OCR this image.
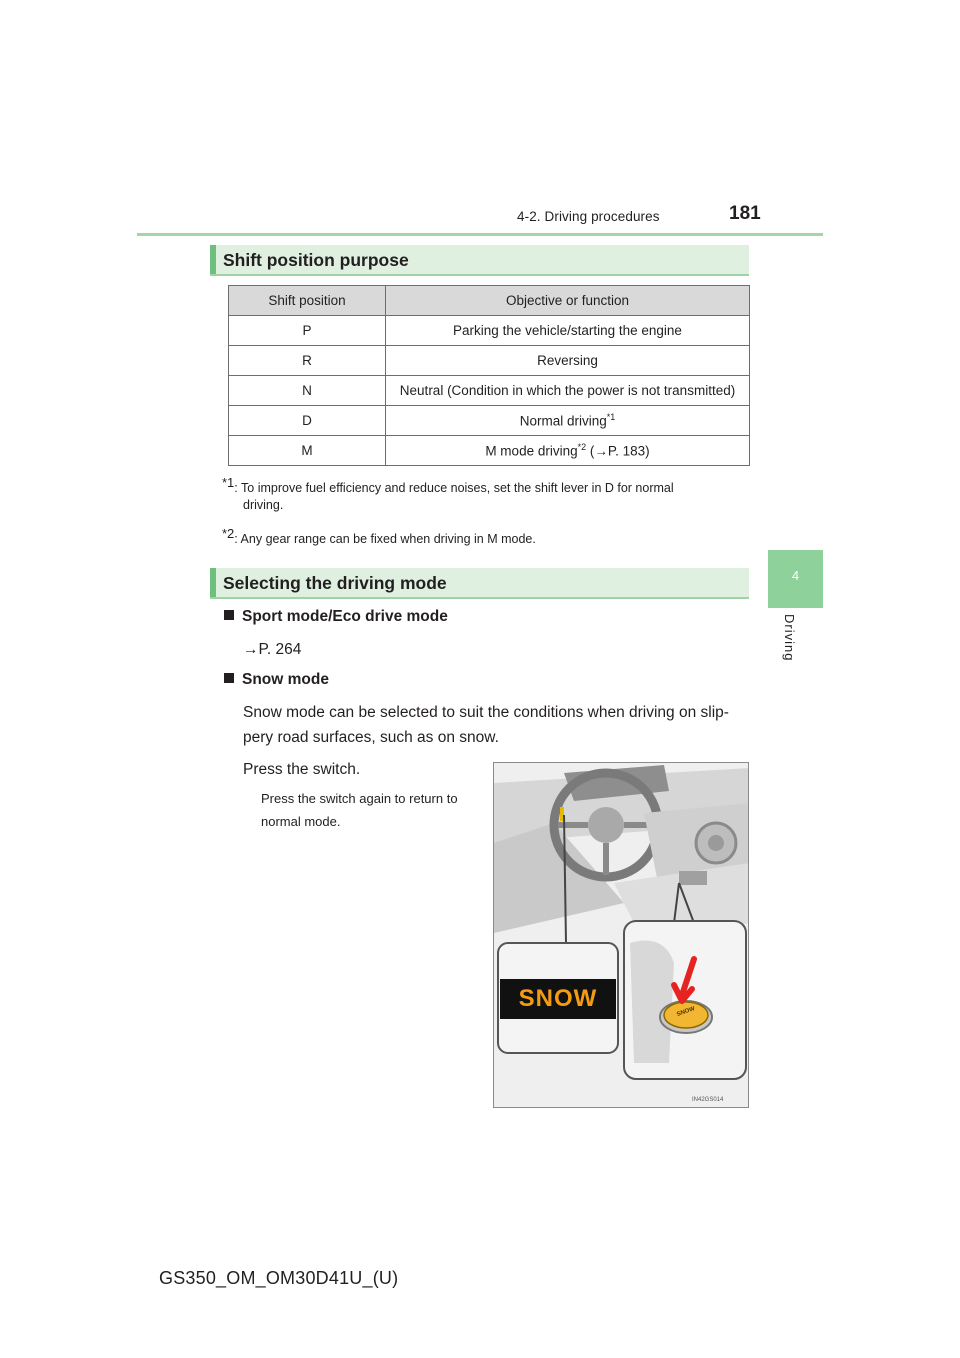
4-2. Driving procedures	181
4
Driving
Shift position purpose
Shift position	Objective or function
P	Parking the vehicle/starting the engine
R	Reversing
N	Neutral (Condition in which the power is not transmitted)
D	Normal driving$^{*1}$
M	M mode driving$^{*2}$ (→P. 183)
$^{*1}$: To improve fuel efficiency and reduce noises, set the shift lever in D for normal
driving.
$^{*2}$: Any gear range can be fixed when driving in M mode.
Selecting the driving mode
Sport mode/Eco drive mode
→P. 264
Snow mode
Snow mode can be selected to suit the conditions when driving on slip-
pery road surfaces, such as on snow.
Press the switch.
Press the switch again to return to normal mode.
SNOW
SNOW
IN42GS014
GS350_OM_OM30D41U_(U)
